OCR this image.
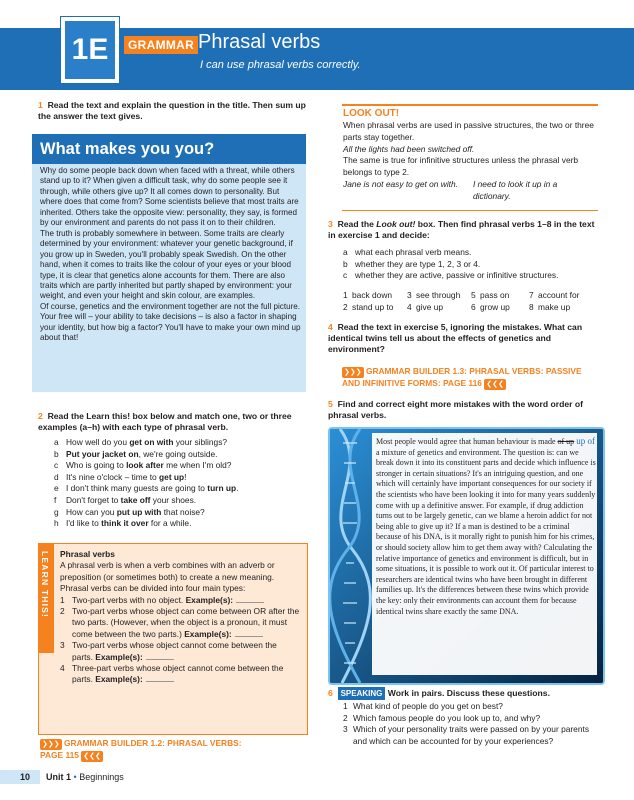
1E	GRAMMAR Phrasal verbs
I can use phrasal verbs correctly.
1 Read the text and explain the question in the title. Then sum up the answer the text gives.
What makes you you?
Why do some people back down when faced with a threat, while others stand up to it? When given a difficult task, why do some people see it through, while others give up? It all comes down to personality. But where does that come from? Some scientists believe that most traits are inherited. Others take the opposite view: personality, they say, is formed by our environment and parents do not pass it on to their children.
The truth is probably somewhere in between. Some traits are clearly determined by your environment: whatever your genetic background, if you grow up in Sweden, you'll probably speak Swedish. On the other hand, when it comes to traits like the colour of your eyes or your blood type, it is clear that genetics alone accounts for them. There are also traits which are partly inherited but partly shaped by environment: your weight, and even your height and skin colour, are examples.
Of course, genetics and the environment together are not the full picture. Your free will – your ability to take decisions – is also a factor in shaping your identity, but how big a factor? You'll have to make your own mind up about that!
2 Read the Learn this! box below and match one, two or three examples (a–h) with each type of phrasal verb.
a How well do you get on with your siblings?
b Put your jacket on, we're going outside.
c Who is going to look after me when I'm old?
d It's nine o'clock – time to get up!
e I don't think many guests are going to turn up.
f Don't forget to take off your shoes.
g How can you put up with that noise?
h I'd like to think it over for a while.
LEARN THIS! Phrasal verbs
A phrasal verb is when a verb combines with an adverb or preposition (or sometimes both) to create a new meaning. Phrasal verbs can be divided into four main types:
1 Two-part verbs with no object. Example(s):
2 Two-part verbs whose object can come between OR after the two parts. (However, when the object is a pronoun, it must come between the two parts.) Example(s):
3 Two-part verbs whose object cannot come between the parts. Example(s):
4 Three-part verbs whose object cannot come between the parts. Example(s):
❯❯❯ GRAMMAR BUILDER 1.2: PHRASAL VERBS:
PAGE 115 ❮❮❮
LOOK OUT!
When phrasal verbs are used in passive structures, the two or three parts stay together.
All the lights had been switched off.
The same is true for infinitive structures unless the phrasal verb belongs to type 2.
Jane is not easy to get on with.	I need to look it up in a dictionary.
3 Read the Look out! box. Then find phrasal verbs 1–8 in the text in exercise 1 and decide:
a what each phrasal verb means.
b whether they are type 1, 2, 3 or 4.
c whether they are active, passive or infinitive structures.
1 back down	3 see through	5 pass on	7 account for
2 stand up to	4 give up	6 grow up	8 make up
4 Read the text in exercise 5, ignoring the mistakes. What can identical twins tell us about the effects of genetics and environment?
❯❯❯ GRAMMAR BUILDER 1.3: PHRASAL VERBS: PASSIVE
AND INFINITIVE FORMS: PAGE 116 ❮❮❮
5 Find and correct eight more mistakes with the word order of phrasal verbs.
Most people would agree that human behaviour is made of up up of a mixture of genetics and environment. The question is: can we break down it into its constituent parts and decide which influence is stronger in certain situations? It's an intriguing question, and one which will certainly have important consequences for our society if the scientists who have been looking it into for many years suddenly come with up a definitive answer. For example, if drug addiction turns out to be largely genetic, can we blame a heroin addict for not being able to give up it? If a man is destined to be a criminal because of his DNA, is it morally right to punish him for his crimes, or should society allow him to get them away with? Calculating the relative importance of genetics and environment is difficult, but in some situations, it is possible to work out it. Of particular interest to researchers are identical twins who have been brought in different families up. It's the differences between these twins which provide the key: only their environments can account them for because identical twins share exactly the same DNA.
6 SPEAKING Work in pairs. Discuss these questions.
1 What kind of people do you get on best?
2 Which famous people do you look up to, and why?
3 Which of your personality traits were passed on by your parents and which can be accounted for by your experiences?
10 Unit 1 • Beginnings
